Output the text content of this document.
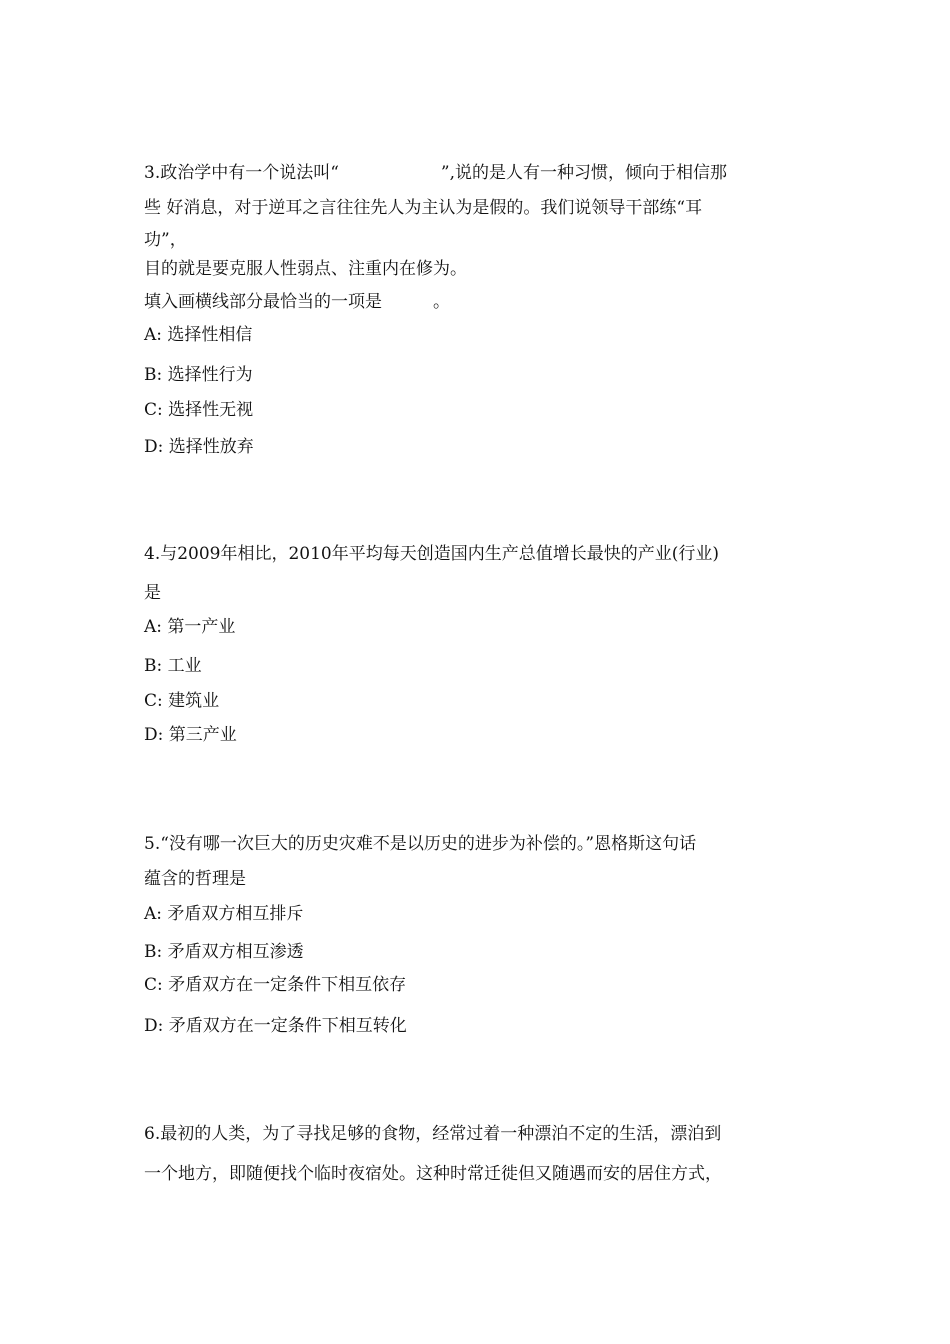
3.政治学中有一个说法叫“　　　　　　”,说的是人有一种习惯，倾向于相信那
些 好消息，对于逆耳之言往往先人为主认为是假的。我们说领导干部练“耳
功”，
目的就是要克服人性弱点、注重内在修为。
填入画横线部分最恰当的一项是　　　。
A: 选择性相信
B: 选择性行为
C: 选择性无视
D: 选择性放弃
4.与2009年相比，2010年平均每天创造国内生产总值增长最快的产业(行业)
是
A: 第一产业
B: 工业
C: 建筑业
D: 第三产业
5.“没有哪一次巨大的历史灾难不是以历史的进步为补偿的。”恩格斯这句话
蕴含的哲理是
A: 矛盾双方相互排斥
B: 矛盾双方相互渗透
C: 矛盾双方在一定条件下相互依存
D: 矛盾双方在一定条件下相互转化
6.最初的人类，为了寻找足够的食物，经常过着一种漂泊不定的生活，漂泊到
一个地方，即随便找个临时夜宿处。这种时常迁徙但又随遇而安的居住方式，
